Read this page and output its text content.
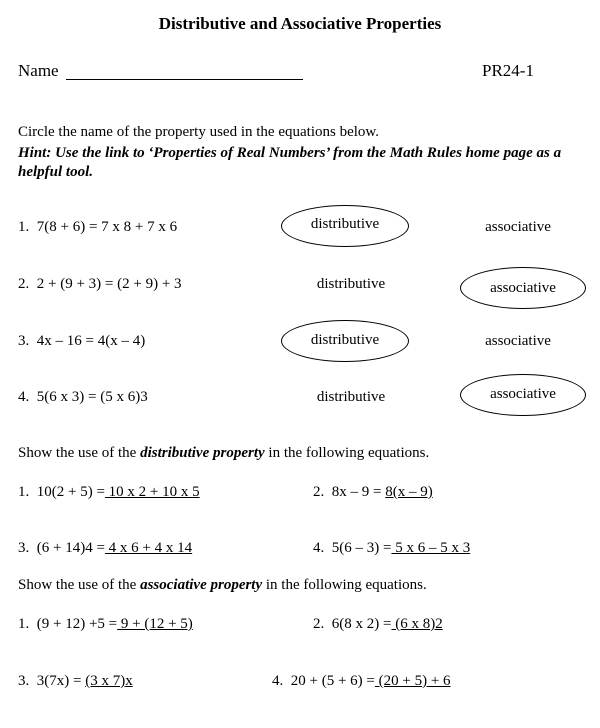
Distributive and Associative Properties
Name	PR24-1
Circle the name of the property used in the equations below.
Hint: Use the link to ‘Properties of Real Numbers’ from the Math Rules home page as a helpful tool.
1. 7(8 + 6) = 7 x 8 + 7 x 6	distributive	associative
2. 2 + (9 + 3) = (2 + 9) + 3	distributive	associative
3. 4x – 16 = 4(x – 4)	distributive	associative
4. 5(6 x 3) = (5 x 6)3	distributive	associative
Show the use of the distributive property in the following equations.
1. 10(2 + 5) = 10 x 2 + 10 x 5	2. 8x – 9 = 8(x – 9)
3. (6 + 14)4 = 4 x 6 + 4 x 14	4. 5(6 – 3) = 5 x 6 – 5 x 3
Show the use of the associative property in the following equations.
1. (9 + 12) +5 = 9 + (12 + 5)	2. 6(8 x 2) = (6 x 8)2
3. 3(7x) = (3 x 7)x	4. 20 + (5 + 6) = (20 + 5) + 6
